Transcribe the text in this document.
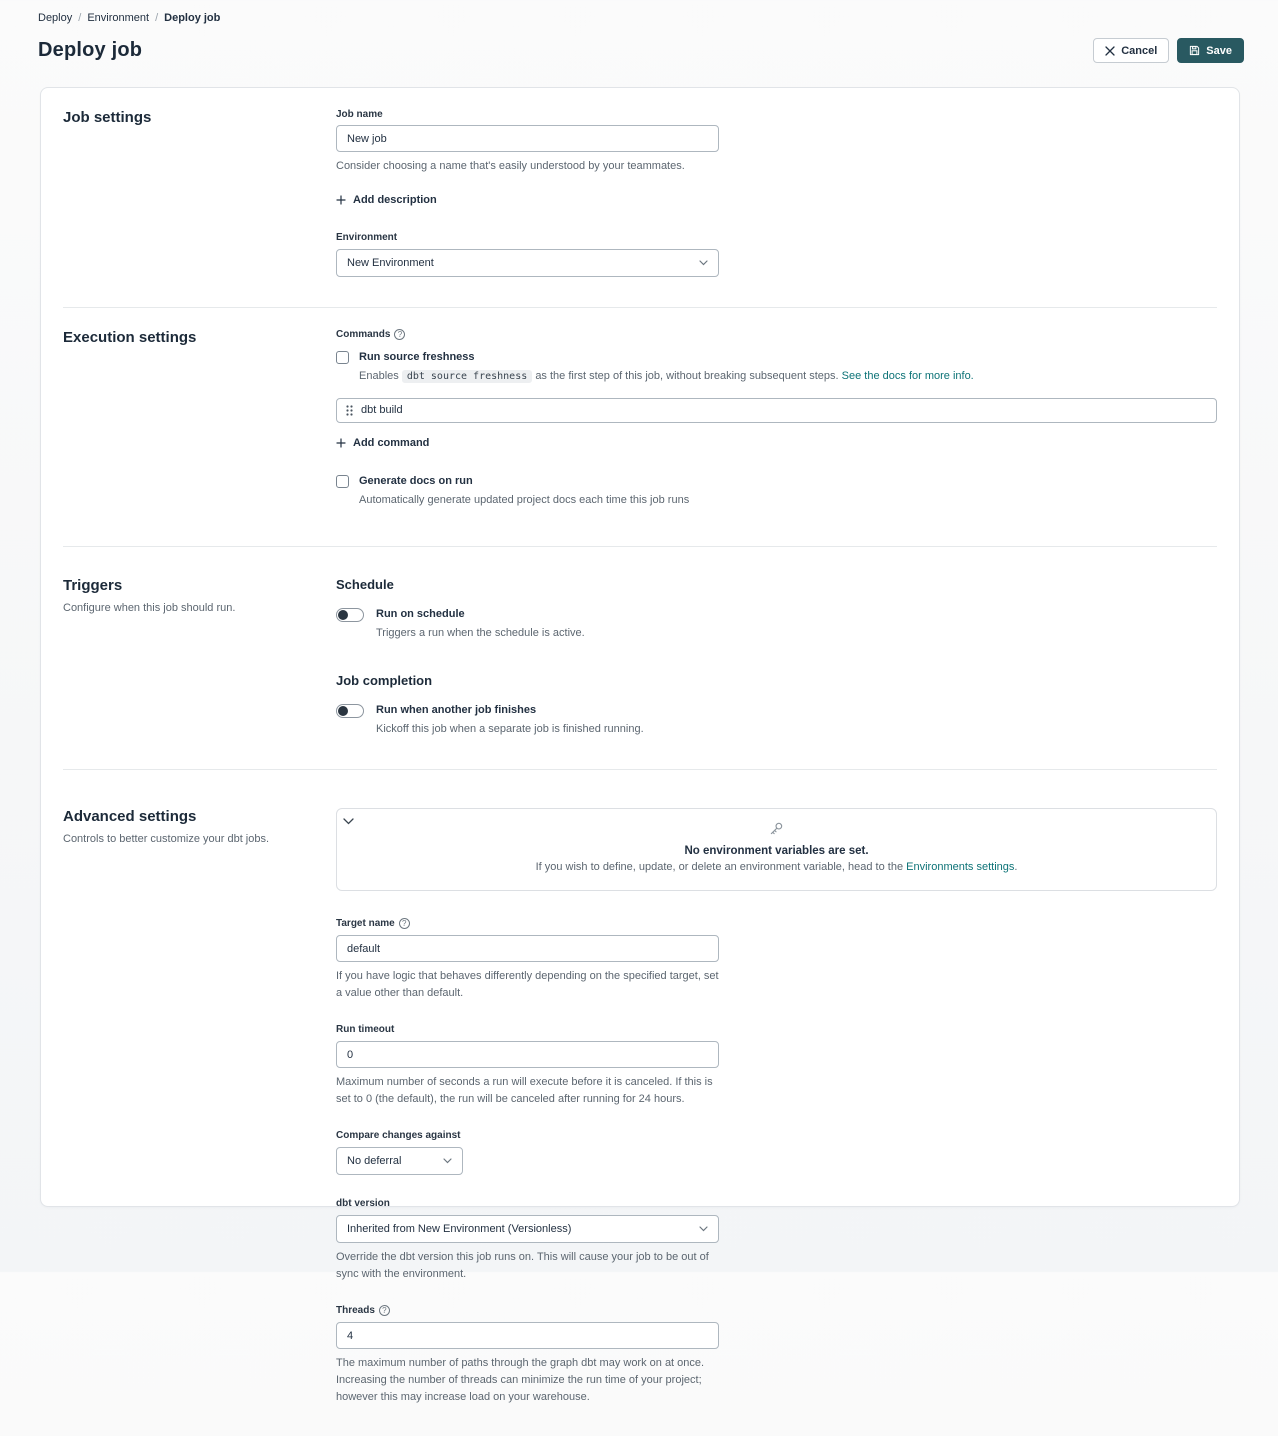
Deploy / Environment / Deploy job
Deploy job	Cancel	Save
Job settings	Job name
New job
Consider choosing a name that's easily understood by your teammates.
Add description
Environment
New Environment
Execution settings	Commands ?
Run source freshness
Enables dbt source freshness as the first step of this job, without breaking subsequent steps. See the docs for more info.
dbt build
Add command
Generate docs on run
Automatically generate updated project docs each time this job runs
Triggers
Configure when this job should run.
Schedule
Run on schedule
Triggers a run when the schedule is active.
Job completion
Run when another job finishes
Kickoff this job when a separate job is finished running.
Advanced settings
Controls to better customize your dbt jobs.
No environment variables are set.
If you wish to define, update, or delete an environment variable, head to the Environments settings.
Target name ?
default
If you have logic that behaves differently depending on the specified target, set a value other than default.
Run timeout
0
Maximum number of seconds a run will execute before it is canceled. If this is set to 0 (the default), the run will be canceled after running for 24 hours.
Compare changes against
No deferral
dbt version
Inherited from New Environment (Versionless)
Override the dbt version this job runs on. This will cause your job to be out of sync with the environment.
Threads ?
4
The maximum number of paths through the graph dbt may work on at once. Increasing the number of threads can minimize the run time of your project; however this may increase load on your warehouse.
